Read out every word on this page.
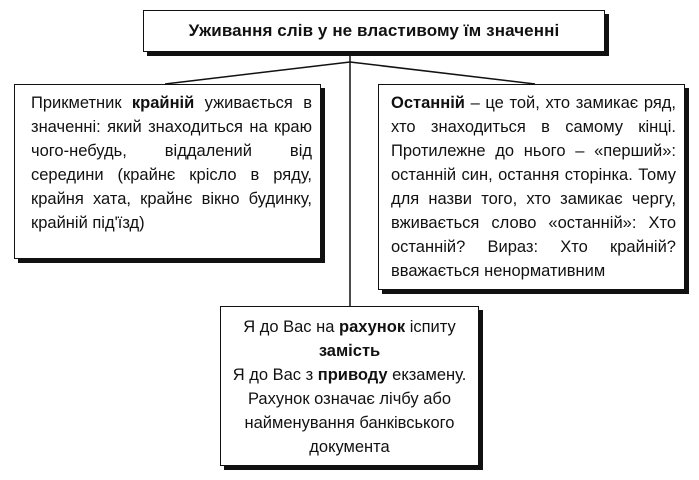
Уживання слів у не властивому їм значенні
Прикметник крайній уживається в значенні: який знаходиться на краю чого-небудь, віддалений від середини (крайнє крісло в ряду, крайня хата, крайнє вікно будинку, крайній під'їзд)
Останній – це той, хто замикає ряд, хто знаходиться в самому кінці. Протилежне до нього – «перший»: останній син, остання сторінка. Тому для назви того, хто замикає чергу, вживається слово «останній»: Хто останній? Вираз: Хто крайній? вважається ненормативним
Я до Вас на рахунок іспиту
замість
Я до Вас з приводу екзамену.
Рахунок означає лічбу або найменування банківського документа
